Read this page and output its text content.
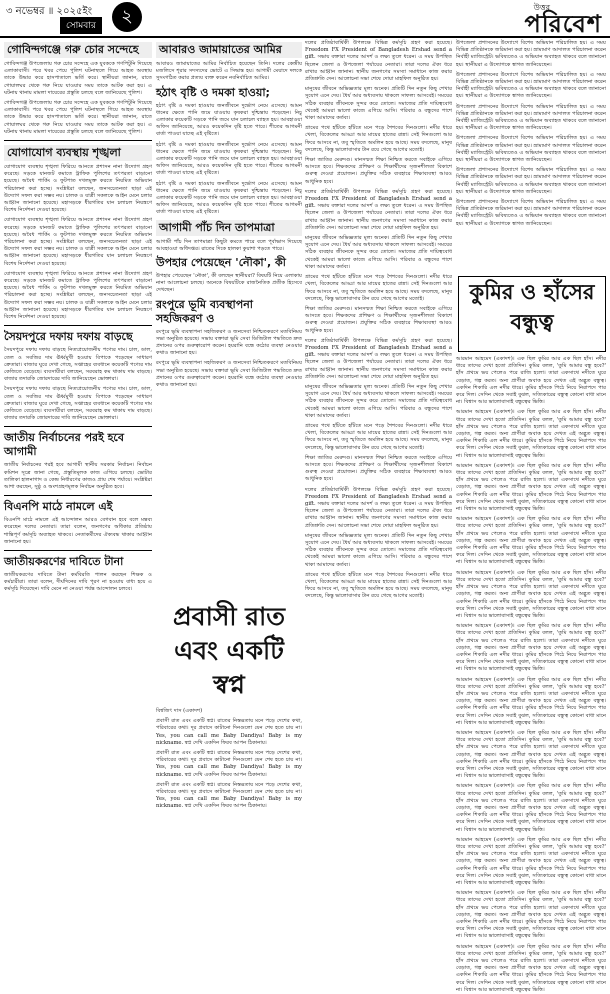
৩ নভেম্বর ॥ ২০২৫ইং
সোমবার	২	উত্তর
পরিবেশ
গোবিন্দগঞ্জে গরু চোর সন্দেহে

গোবিন্দগঞ্জ উপজেলায় গরু চোর সন্দেহে এক যুবককে গণপিটুনি দিয়েছে এলাকাবাসী। পরে খবর পেয়ে পুলিশ ঘটনাস্থলে গিয়ে আহত অবস্থায় তাকে উদ্ধার করে হাসপাতালে ভর্তি করে। স্থানীয়রা জানান, রাতে গোয়ালঘর থেকে গরু নিয়ে যাওয়ার সময় তাকে আটক করা হয়। এ ঘটনায় থানায় মামলা দায়েরের প্রস্তুতি চলছে বলে জানিয়েছে পুলিশ।

গোবিন্দগঞ্জ উপজেলায় গরু চোর সন্দেহে এক যুবককে গণপিটুনি দিয়েছে এলাকাবাসী। পরে খবর পেয়ে পুলিশ ঘটনাস্থলে গিয়ে আহত অবস্থায় তাকে উদ্ধার করে হাসপাতালে ভর্তি করে। স্থানীয়রা জানান, রাতে গোয়ালঘর থেকে গরু নিয়ে যাওয়ার সময় তাকে আটক করা হয়। এ ঘটনায় থানায় মামলা দায়েরের প্রস্তুতি চলছে বলে জানিয়েছে পুলিশ।

যোগাযোগ ব্যবস্থায় শৃঙ্খলা

যোগাযোগ ব্যবস্থায় শৃঙ্খলা ফিরিয়ে আনতে প্রশাসন নানা উদ্যোগ গ্রহণ করেছে। সড়কে যানজট কমাতে ট্রাফিক পুলিশের তৎপরতা বাড়ানো হয়েছে। অবৈধ পার্কিং ও ফুটপাত দখলমুক্ত করতে নিয়মিত অভিযান পরিচালনা করা হচ্ছে। সংশ্লিষ্টরা বলছেন, জনসচেতনতা ছাড়া এই উদ্যোগ সফল করা সম্ভব নয়। চালক ও যাত্রী সকলকে আইন মেনে চলার আহ্বান জানানো হয়েছে। মহাসড়কে ধীরগতির যান চলাচল নিয়ন্ত্রণে বিশেষ নির্দেশনা দেওয়া হয়েছে।

যোগাযোগ ব্যবস্থায় শৃঙ্খলা ফিরিয়ে আনতে প্রশাসন নানা উদ্যোগ গ্রহণ করেছে। সড়কে যানজট কমাতে ট্রাফিক পুলিশের তৎপরতা বাড়ানো হয়েছে। অবৈধ পার্কিং ও ফুটপাত দখলমুক্ত করতে নিয়মিত অভিযান পরিচালনা করা হচ্ছে। সংশ্লিষ্টরা বলছেন, জনসচেতনতা ছাড়া এই উদ্যোগ সফল করা সম্ভব নয়। চালক ও যাত্রী সকলকে আইন মেনে চলার আহ্বান জানানো হয়েছে। মহাসড়কে ধীরগতির যান চলাচল নিয়ন্ত্রণে বিশেষ নির্দেশনা দেওয়া হয়েছে।

যোগাযোগ ব্যবস্থায় শৃঙ্খলা ফিরিয়ে আনতে প্রশাসন নানা উদ্যোগ গ্রহণ করেছে। সড়কে যানজট কমাতে ট্রাফিক পুলিশের তৎপরতা বাড়ানো হয়েছে। অবৈধ পার্কিং ও ফুটপাত দখলমুক্ত করতে নিয়মিত অভিযান পরিচালনা করা হচ্ছে। সংশ্লিষ্টরা বলছেন, জনসচেতনতা ছাড়া এই উদ্যোগ সফল করা সম্ভব নয়। চালক ও যাত্রী সকলকে আইন মেনে চলার আহ্বান জানানো হয়েছে। মহাসড়কে ধীরগতির যান চলাচল নিয়ন্ত্রণে বিশেষ নির্দেশনা দেওয়া হয়েছে।

সৈয়দপুরে দফায় দফায় বাড়ছে

সৈয়দপুরে দফায় দফায় বাড়ছে নিত্যপ্রয়োজনীয় পণ্যের দাম। চাল, ডাল, তেল ও সবজির দাম ঊর্ধ্বমুখী হওয়ায় বিপাকে পড়েছেন সাধারণ ক্রেতারা। বাজার ঘুরে দেখা গেছে, সপ্তাহের ব্যবধানে কয়েকটি পণ্যের দাম কেজিতে বেড়েছে। ব্যবসায়ীরা বলছেন, সরবরাহ কম থাকায় দাম বাড়ছে। বাজার তদারকি জোরদারের দাবি জানিয়েছেন ভোক্তারা।

সৈয়দপুরে দফায় দফায় বাড়ছে নিত্যপ্রয়োজনীয় পণ্যের দাম। চাল, ডাল, তেল ও সবজির দাম ঊর্ধ্বমুখী হওয়ায় বিপাকে পড়েছেন সাধারণ ক্রেতারা। বাজার ঘুরে দেখা গেছে, সপ্তাহের ব্যবধানে কয়েকটি পণ্যের দাম কেজিতে বেড়েছে। ব্যবসায়ীরা বলছেন, সরবরাহ কম থাকায় দাম বাড়ছে। বাজার তদারকি জোরদারের দাবি জানিয়েছেন ভোক্তারা।

জাতীয় নির্বাচনের পরই হবে আগামী

জাতীয় নির্বাচনের পরই হবে আগামী স্থানীয় সরকার নির্বাচন। নির্বাচন কমিশন সূত্রে জানা গেছে, প্রস্তুতিমূলক কাজ এগিয়ে চলছে। ভোটার তালিকা হালনাগাদ ও কেন্দ্র নির্ধারণের কাজও প্রায় শেষ পর্যায়ে। সংশ্লিষ্টরা আশা করছেন, সুষ্ঠু ও অংশগ্রহণমূলক নির্বাচন অনুষ্ঠিত হবে।

বিএনপি মাঠে নামলে এই

বিএনপি মাঠে নামলে এই আন্দোলন আরও বেগবান হবে বলে মন্তব্য করেছেন দলের নেতারা। তারা বলেন, জনগণের অধিকার প্রতিষ্ঠায় শান্তিপূর্ণ কর্মসূচি অব্যাহত থাকবে। নেতাকর্মীদের ঐক্যবদ্ধ থাকার আহ্বান জানানো হয়।

জাতীয়করণের দাবিতে টানা

জাতীয়করণের দাবিতে টানা কর্মবিরতি পালন করছেন শিক্ষক ও কর্মচারীরা। তারা বলেন, দীর্ঘদিনের দাবি পূরণ না হওয়ায় বাধ্য হয়ে এ কর্মসূচি দিয়েছেন। দাবি মেনে না নেওয়া পর্যন্ত আন্দোলন চলবে।

আবারও জামায়াতের আমির

আবারও জামায়াতের আমির নির্বাচিত হয়েছেন তিনি। দলের কেন্দ্রীয় মজলিসে শূরার সদস্যদের ভোটে এ সিদ্ধান্ত হয়। আগামী মেয়াদে দলকে সুসংগঠিত করার প্রত্যয় ব্যক্ত করেন নবনির্বাচিত আমির।

হঠাৎ বৃষ্টি ও দমকা হাওয়া;

হঠাৎ বৃষ্টি ও দমকা হাওয়ায় জনজীবনে দুর্ভোগ নেমে এসেছে। আমন ধানের ক্ষেতে পানি জমে যাওয়ায় কৃষকরা দুশ্চিন্তায় পড়েছেন। নিচু এলাকার কয়েকটি সড়কে পানি জমে যান চলাচল ব্যাহত হয়। আবহাওয়া অফিস জানিয়েছে, আরও কয়েকদিন বৃষ্টি হতে পারে। শীতের আগমনী বার্তা পাওয়া যাচ্ছে এই বৃষ্টিতে।

হঠাৎ বৃষ্টি ও দমকা হাওয়ায় জনজীবনে দুর্ভোগ নেমে এসেছে। আমন ধানের ক্ষেতে পানি জমে যাওয়ায় কৃষকরা দুশ্চিন্তায় পড়েছেন। নিচু এলাকার কয়েকটি সড়কে পানি জমে যান চলাচল ব্যাহত হয়। আবহাওয়া অফিস জানিয়েছে, আরও কয়েকদিন বৃষ্টি হতে পারে। শীতের আগমনী বার্তা পাওয়া যাচ্ছে এই বৃষ্টিতে।

হঠাৎ বৃষ্টি ও দমকা হাওয়ায় জনজীবনে দুর্ভোগ নেমে এসেছে। আমন ধানের ক্ষেতে পানি জমে যাওয়ায় কৃষকরা দুশ্চিন্তায় পড়েছেন। নিচু এলাকার কয়েকটি সড়কে পানি জমে যান চলাচল ব্যাহত হয়। আবহাওয়া অফিস জানিয়েছে, আরও কয়েকদিন বৃষ্টি হতে পারে। শীতের আগমনী বার্তা পাওয়া যাচ্ছে এই বৃষ্টিতে।

আগামী পাঁচ দিন তাপমাত্রা

আগামী পাঁচ দিন তাপমাত্রা কিছুটা কমতে পারে বলে পূর্বাভাস দিয়েছে আবহাওয়া অধিদপ্তর। রাতের দিকে হালকা কুয়াশা পড়তে পারে।

উপহার পেয়েছেন 'নৌকা', কী

উপহার পেয়েছেন 'নৌকা', কী বলছেন স্থানীয়রা? বিষয়টি নিয়ে এলাকায় নানা আলোচনা চলছে। অনেকে বিষয়টিকে রাজনৈতিক প্রতীক হিসেবে দেখছেন।

রংপুরে ভূমি ব্যবস্থাপনা সহজিকরণ ও

রংপুরে ভূমি ব্যবস্থাপনা সহজিকরণ ও জনসেবা নিশ্চিতকরণে মতবিনিময় সভা অনুষ্ঠিত হয়েছে। সভায় বক্তারা ভূমি সেবা ডিজিটাল পদ্ধতিতে দ্রুত প্রদানের ওপর গুরুত্বারোপ করেন। হয়রানি বন্ধে কঠোর ব্যবস্থা নেওয়ার কথাও জানানো হয়।

রংপুরে ভূমি ব্যবস্থাপনা সহজিকরণ ও জনসেবা নিশ্চিতকরণে মতবিনিময় সভা অনুষ্ঠিত হয়েছে। সভায় বক্তারা ভূমি সেবা ডিজিটাল পদ্ধতিতে দ্রুত প্রদানের ওপর গুরুত্বারোপ করেন। হয়রানি বন্ধে কঠোর ব্যবস্থা নেওয়ার কথাও জানানো হয়।

প্রবাসী রাত এবং একটি স্বপ্ন

বিশ্বজিৎ দাস (একাদশ)

প্রবাসী রাত এবং একটি স্বপ্ন। রাতের নিস্তব্ধতায় মনে পড়ে দেশের কথা, পরিবারের কথা। দূর প্রবাসে কাটানো দিনগুলো যেন শেষ হতে চায় না। Yes, you can call me Baby Dandiya! Baby is my nickname. স্বপ্ন দেখি একদিন ফিরব আপন ঠিকানায়।

প্রবাসী রাত এবং একটি স্বপ্ন। রাতের নিস্তব্ধতায় মনে পড়ে দেশের কথা, পরিবারের কথা। দূর প্রবাসে কাটানো দিনগুলো যেন শেষ হতে চায় না। Yes, you can call me Baby Dandiya! Baby is my nickname. স্বপ্ন দেখি একদিন ফিরব আপন ঠিকানায়।

প্রবাসী রাত এবং একটি স্বপ্ন। রাতের নিস্তব্ধতায় মনে পড়ে দেশের কথা, পরিবারের কথা। দূর প্রবাসে কাটানো দিনগুলো যেন শেষ হতে চায় না। Yes, you can call me Baby Dandiya! Baby is my nickname. স্বপ্ন দেখি একদিন ফিরব আপন ঠিকানায়।

দলের প্রতিষ্ঠাবার্ষিকী উপলক্ষে বিভিন্ন কর্মসূচি গ্রহণ করা হয়েছে। Freedom FX President of Bangladesh Ershad send a gift. সভায় বক্তারা দলের আদর্শ ও লক্ষ্য তুলে ধরেন। এ সময় উপস্থিত ছিলেন জেলা ও উপজেলা পর্যায়ের নেতারা। তারা দলের ঐক্য ধরে রাখার আহ্বান জানান। স্থানীয় জনগণের সমস্যা সমাধানে কাজ করার প্রতিশ্রুতি দেন। আলোচনা সভা শেষে দোয়া মাহফিল অনুষ্ঠিত হয়।

মানুষের জীবনে অভিজ্ঞতার মূল্য অনেক। প্রতিটি দিন নতুন কিছু শেখার সুযোগ এনে দেয়। ধৈর্য আর অধ্যবসায় থাকলে সাফল্য আসবেই। সময়ের সঠিক ব্যবহার জীবনকে সুন্দর করে তোলে। সমাজের প্রতি দায়িত্ববোধ থেকেই আমরা ভালো কাজে এগিয়ে আসি। পরিবার ও বন্ধুদের পাশে থাকা আমাদের কর্তব্য।

গ্রামের পথে হাঁটতে হাঁটতে মনে পড়ে শৈশবের দিনগুলো। নদীর ধারে খেলা, বিকেলের আড্ডা আর মায়ের হাতের রান্না। সেই দিনগুলো আর ফিরে আসবে না, তবু স্মৃতিতে অমলিন হয়ে আছে। সময় বদলেছে, মানুষ বদলেছে, কিন্তু ভালোবাসার টান রয়ে গেছে আগের মতোই।

শিক্ষা জাতির মেরুদণ্ড। মানসম্মত শিক্ষা নিশ্চিত করতে সবাইকে এগিয়ে আসতে হবে। শিক্ষকদের প্রশিক্ষণ ও শিক্ষার্থীদের সৃজনশীলতা বিকাশে গুরুত্ব দেওয়া প্রয়োজন। প্রযুক্তির সঠিক ব্যবহারে শিক্ষাব্যবস্থা আরও আধুনিক হবে।

দলের প্রতিষ্ঠাবার্ষিকী উপলক্ষে বিভিন্ন কর্মসূচি গ্রহণ করা হয়েছে। Freedom FX President of Bangladesh Ershad send a gift. সভায় বক্তারা দলের আদর্শ ও লক্ষ্য তুলে ধরেন। এ সময় উপস্থিত ছিলেন জেলা ও উপজেলা পর্যায়ের নেতারা। তারা দলের ঐক্য ধরে রাখার আহ্বান জানান। স্থানীয় জনগণের সমস্যা সমাধানে কাজ করার প্রতিশ্রুতি দেন। আলোচনা সভা শেষে দোয়া মাহফিল অনুষ্ঠিত হয়।

মানুষের জীবনে অভিজ্ঞতার মূল্য অনেক। প্রতিটি দিন নতুন কিছু শেখার সুযোগ এনে দেয়। ধৈর্য আর অধ্যবসায় থাকলে সাফল্য আসবেই। সময়ের সঠিক ব্যবহার জীবনকে সুন্দর করে তোলে। সমাজের প্রতি দায়িত্ববোধ থেকেই আমরা ভালো কাজে এগিয়ে আসি। পরিবার ও বন্ধুদের পাশে থাকা আমাদের কর্তব্য।

গ্রামের পথে হাঁটতে হাঁটতে মনে পড়ে শৈশবের দিনগুলো। নদীর ধারে খেলা, বিকেলের আড্ডা আর মায়ের হাতের রান্না। সেই দিনগুলো আর ফিরে আসবে না, তবু স্মৃতিতে অমলিন হয়ে আছে। সময় বদলেছে, মানুষ বদলেছে, কিন্তু ভালোবাসার টান রয়ে গেছে আগের মতোই।

শিক্ষা জাতির মেরুদণ্ড। মানসম্মত শিক্ষা নিশ্চিত করতে সবাইকে এগিয়ে আসতে হবে। শিক্ষকদের প্রশিক্ষণ ও শিক্ষার্থীদের সৃজনশীলতা বিকাশে গুরুত্ব দেওয়া প্রয়োজন। প্রযুক্তির সঠিক ব্যবহারে শিক্ষাব্যবস্থা আরও আধুনিক হবে।

দলের প্রতিষ্ঠাবার্ষিকী উপলক্ষে বিভিন্ন কর্মসূচি গ্রহণ করা হয়েছে। Freedom FX President of Bangladesh Ershad send a gift. সভায় বক্তারা দলের আদর্শ ও লক্ষ্য তুলে ধরেন। এ সময় উপস্থিত ছিলেন জেলা ও উপজেলা পর্যায়ের নেতারা। তারা দলের ঐক্য ধরে রাখার আহ্বান জানান। স্থানীয় জনগণের সমস্যা সমাধানে কাজ করার প্রতিশ্রুতি দেন। আলোচনা সভা শেষে দোয়া মাহফিল অনুষ্ঠিত হয়।

মানুষের জীবনে অভিজ্ঞতার মূল্য অনেক। প্রতিটি দিন নতুন কিছু শেখার সুযোগ এনে দেয়। ধৈর্য আর অধ্যবসায় থাকলে সাফল্য আসবেই। সময়ের সঠিক ব্যবহার জীবনকে সুন্দর করে তোলে। সমাজের প্রতি দায়িত্ববোধ থেকেই আমরা ভালো কাজে এগিয়ে আসি। পরিবার ও বন্ধুদের পাশে থাকা আমাদের কর্তব্য।

গ্রামের পথে হাঁটতে হাঁটতে মনে পড়ে শৈশবের দিনগুলো। নদীর ধারে খেলা, বিকেলের আড্ডা আর মায়ের হাতের রান্না। সেই দিনগুলো আর ফিরে আসবে না, তবু স্মৃতিতে অমলিন হয়ে আছে। সময় বদলেছে, মানুষ বদলেছে, কিন্তু ভালোবাসার টান রয়ে গেছে আগের মতোই।

শিক্ষা জাতির মেরুদণ্ড। মানসম্মত শিক্ষা নিশ্চিত করতে সবাইকে এগিয়ে আসতে হবে। শিক্ষকদের প্রশিক্ষণ ও শিক্ষার্থীদের সৃজনশীলতা বিকাশে গুরুত্ব দেওয়া প্রয়োজন। প্রযুক্তির সঠিক ব্যবহারে শিক্ষাব্যবস্থা আরও আধুনিক হবে।

দলের প্রতিষ্ঠাবার্ষিকী উপলক্ষে বিভিন্ন কর্মসূচি গ্রহণ করা হয়েছে। Freedom FX President of Bangladesh Ershad send a gift. সভায় বক্তারা দলের আদর্শ ও লক্ষ্য তুলে ধরেন। এ সময় উপস্থিত ছিলেন জেলা ও উপজেলা পর্যায়ের নেতারা। তারা দলের ঐক্য ধরে রাখার আহ্বান জানান। স্থানীয় জনগণের সমস্যা সমাধানে কাজ করার প্রতিশ্রুতি দেন। আলোচনা সভা শেষে দোয়া মাহফিল অনুষ্ঠিত হয়।

মানুষের জীবনে অভিজ্ঞতার মূল্য অনেক। প্রতিটি দিন নতুন কিছু শেখার সুযোগ এনে দেয়। ধৈর্য আর অধ্যবসায় থাকলে সাফল্য আসবেই। সময়ের সঠিক ব্যবহার জীবনকে সুন্দর করে তোলে। সমাজের প্রতি দায়িত্ববোধ থেকেই আমরা ভালো কাজে এগিয়ে আসি। পরিবার ও বন্ধুদের পাশে থাকা আমাদের কর্তব্য।

গ্রামের পথে হাঁটতে হাঁটতে মনে পড়ে শৈশবের দিনগুলো। নদীর ধারে খেলা, বিকেলের আড্ডা আর মায়ের হাতের রান্না। সেই দিনগুলো আর ফিরে আসবে না, তবু স্মৃতিতে অমলিন হয়ে আছে। সময় বদলেছে, মানুষ বদলেছে, কিন্তু ভালোবাসার টান রয়ে গেছে আগের মতোই।

উপজেলা প্রশাসনের উদ্যোগে বিশেষ অভিযান পরিচালিত হয়। এ সময় বিভিন্ন প্রতিষ্ঠানকে জরিমানা করা হয়। ভ্রাম্যমাণ আদালত পরিচালনা করেন নির্বাহী ম্যাজিস্ট্রেট। ভবিষ্যতেও এ অভিযান অব্যাহত থাকবে বলে জানানো হয়। স্থানীয়রা এ উদ্যোগকে স্বাগত জানিয়েছেন।

উপজেলা প্রশাসনের উদ্যোগে বিশেষ অভিযান পরিচালিত হয়। এ সময় বিভিন্ন প্রতিষ্ঠানকে জরিমানা করা হয়। ভ্রাম্যমাণ আদালত পরিচালনা করেন নির্বাহী ম্যাজিস্ট্রেট। ভবিষ্যতেও এ অভিযান অব্যাহত থাকবে বলে জানানো হয়। স্থানীয়রা এ উদ্যোগকে স্বাগত জানিয়েছেন।

উপজেলা প্রশাসনের উদ্যোগে বিশেষ অভিযান পরিচালিত হয়। এ সময় বিভিন্ন প্রতিষ্ঠানকে জরিমানা করা হয়। ভ্রাম্যমাণ আদালত পরিচালনা করেন নির্বাহী ম্যাজিস্ট্রেট। ভবিষ্যতেও এ অভিযান অব্যাহত থাকবে বলে জানানো হয়। স্থানীয়রা এ উদ্যোগকে স্বাগত জানিয়েছেন।

উপজেলা প্রশাসনের উদ্যোগে বিশেষ অভিযান পরিচালিত হয়। এ সময় বিভিন্ন প্রতিষ্ঠানকে জরিমানা করা হয়। ভ্রাম্যমাণ আদালত পরিচালনা করেন নির্বাহী ম্যাজিস্ট্রেট। ভবিষ্যতেও এ অভিযান অব্যাহত থাকবে বলে জানানো হয়। স্থানীয়রা এ উদ্যোগকে স্বাগত জানিয়েছেন।

উপজেলা প্রশাসনের উদ্যোগে বিশেষ অভিযান পরিচালিত হয়। এ সময় বিভিন্ন প্রতিষ্ঠানকে জরিমানা করা হয়। ভ্রাম্যমাণ আদালত পরিচালনা করেন নির্বাহী ম্যাজিস্ট্রেট। ভবিষ্যতেও এ অভিযান অব্যাহত থাকবে বলে জানানো হয়। স্থানীয়রা এ উদ্যোগকে স্বাগত জানিয়েছেন।

উপজেলা প্রশাসনের উদ্যোগে বিশেষ অভিযান পরিচালিত হয়। এ সময় বিভিন্ন প্রতিষ্ঠানকে জরিমানা করা হয়। ভ্রাম্যমাণ আদালত পরিচালনা করেন নির্বাহী ম্যাজিস্ট্রেট। ভবিষ্যতেও এ অভিযান অব্যাহত থাকবে বলে জানানো হয়। স্থানীয়রা এ উদ্যোগকে স্বাগত জানিয়েছেন।

কুমির ও হাঁসের বন্ধুত্ব

আরমান আহমেদ (একাদশ)। এক ছিল কুমির আর এক ছিল হাঁস। নদীর ধারে তাদের দেখা হতো প্রতিদিন। কুমির বলল, 'তুমি আমার বন্ধু হবে?' হাঁস প্রথমে ভয় পেলেও পরে রাজি হলো। তারা একসাথে নদীতে ঘুরে বেড়াত, গল্প করত। অন্য প্রাণীরা অবাক হয়ে দেখত এই অদ্ভুত বন্ধুত্ব। একদিন শিকারি এল নদীর ধারে। কুমির হাঁসকে পিঠে নিয়ে নিরাপদে পার করে দিল। সেদিন থেকে সবাই বুঝল, সত্যিকারের বন্ধুত্ব কোনো বাধা মানে না। বিশ্বাস আর ভালোবাসাই বন্ধুত্বের ভিত্তি।

আরমান আহমেদ (একাদশ)। এক ছিল কুমির আর এক ছিল হাঁস। নদীর ধারে তাদের দেখা হতো প্রতিদিন। কুমির বলল, 'তুমি আমার বন্ধু হবে?' হাঁস প্রথমে ভয় পেলেও পরে রাজি হলো। তারা একসাথে নদীতে ঘুরে বেড়াত, গল্প করত। অন্য প্রাণীরা অবাক হয়ে দেখত এই অদ্ভুত বন্ধুত্ব। একদিন শিকারি এল নদীর ধারে। কুমির হাঁসকে পিঠে নিয়ে নিরাপদে পার করে দিল। সেদিন থেকে সবাই বুঝল, সত্যিকারের বন্ধুত্ব কোনো বাধা মানে না। বিশ্বাস আর ভালোবাসাই বন্ধুত্বের ভিত্তি।

আরমান আহমেদ (একাদশ)। এক ছিল কুমির আর এক ছিল হাঁস। নদীর ধারে তাদের দেখা হতো প্রতিদিন। কুমির বলল, 'তুমি আমার বন্ধু হবে?' হাঁস প্রথমে ভয় পেলেও পরে রাজি হলো। তারা একসাথে নদীতে ঘুরে বেড়াত, গল্প করত। অন্য প্রাণীরা অবাক হয়ে দেখত এই অদ্ভুত বন্ধুত্ব। একদিন শিকারি এল নদীর ধারে। কুমির হাঁসকে পিঠে নিয়ে নিরাপদে পার করে দিল। সেদিন থেকে সবাই বুঝল, সত্যিকারের বন্ধুত্ব কোনো বাধা মানে না। বিশ্বাস আর ভালোবাসাই বন্ধুত্বের ভিত্তি।

আরমান আহমেদ (একাদশ)। এক ছিল কুমির আর এক ছিল হাঁস। নদীর ধারে তাদের দেখা হতো প্রতিদিন। কুমির বলল, 'তুমি আমার বন্ধু হবে?' হাঁস প্রথমে ভয় পেলেও পরে রাজি হলো। তারা একসাথে নদীতে ঘুরে বেড়াত, গল্প করত। অন্য প্রাণীরা অবাক হয়ে দেখত এই অদ্ভুত বন্ধুত্ব। একদিন শিকারি এল নদীর ধারে। কুমির হাঁসকে পিঠে নিয়ে নিরাপদে পার করে দিল। সেদিন থেকে সবাই বুঝল, সত্যিকারের বন্ধুত্ব কোনো বাধা মানে না। বিশ্বাস আর ভালোবাসাই বন্ধুত্বের ভিত্তি।

আরমান আহমেদ (একাদশ)। এক ছিল কুমির আর এক ছিল হাঁস। নদীর ধারে তাদের দেখা হতো প্রতিদিন। কুমির বলল, 'তুমি আমার বন্ধু হবে?' হাঁস প্রথমে ভয় পেলেও পরে রাজি হলো। তারা একসাথে নদীতে ঘুরে বেড়াত, গল্প করত। অন্য প্রাণীরা অবাক হয়ে দেখত এই অদ্ভুত বন্ধুত্ব। একদিন শিকারি এল নদীর ধারে। কুমির হাঁসকে পিঠে নিয়ে নিরাপদে পার করে দিল। সেদিন থেকে সবাই বুঝল, সত্যিকারের বন্ধুত্ব কোনো বাধা মানে না। বিশ্বাস আর ভালোবাসাই বন্ধুত্বের ভিত্তি।

আরমান আহমেদ (একাদশ)। এক ছিল কুমির আর এক ছিল হাঁস। নদীর ধারে তাদের দেখা হতো প্রতিদিন। কুমির বলল, 'তুমি আমার বন্ধু হবে?' হাঁস প্রথমে ভয় পেলেও পরে রাজি হলো। তারা একসাথে নদীতে ঘুরে বেড়াত, গল্প করত। অন্য প্রাণীরা অবাক হয়ে দেখত এই অদ্ভুত বন্ধুত্ব। একদিন শিকারি এল নদীর ধারে। কুমির হাঁসকে পিঠে নিয়ে নিরাপদে পার করে দিল। সেদিন থেকে সবাই বুঝল, সত্যিকারের বন্ধুত্ব কোনো বাধা মানে না। বিশ্বাস আর ভালোবাসাই বন্ধুত্বের ভিত্তি।

আরমান আহমেদ (একাদশ)। এক ছিল কুমির আর এক ছিল হাঁস। নদীর ধারে তাদের দেখা হতো প্রতিদিন। কুমির বলল, 'তুমি আমার বন্ধু হবে?' হাঁস প্রথমে ভয় পেলেও পরে রাজি হলো। তারা একসাথে নদীতে ঘুরে বেড়াত, গল্প করত। অন্য প্রাণীরা অবাক হয়ে দেখত এই অদ্ভুত বন্ধুত্ব। একদিন শিকারি এল নদীর ধারে। কুমির হাঁসকে পিঠে নিয়ে নিরাপদে পার করে দিল। সেদিন থেকে সবাই বুঝল, সত্যিকারের বন্ধুত্ব কোনো বাধা মানে না। বিশ্বাস আর ভালোবাসাই বন্ধুত্বের ভিত্তি।

আরমান আহমেদ (একাদশ)। এক ছিল কুমির আর এক ছিল হাঁস। নদীর ধারে তাদের দেখা হতো প্রতিদিন। কুমির বলল, 'তুমি আমার বন্ধু হবে?' হাঁস প্রথমে ভয় পেলেও পরে রাজি হলো। তারা একসাথে নদীতে ঘুরে বেড়াত, গল্প করত। অন্য প্রাণীরা অবাক হয়ে দেখত এই অদ্ভুত বন্ধুত্ব। একদিন শিকারি এল নদীর ধারে। কুমির হাঁসকে পিঠে নিয়ে নিরাপদে পার করে দিল। সেদিন থেকে সবাই বুঝল, সত্যিকারের বন্ধুত্ব কোনো বাধা মানে না। বিশ্বাস আর ভালোবাসাই বন্ধুত্বের ভিত্তি।

আরমান আহমেদ (একাদশ)। এক ছিল কুমির আর এক ছিল হাঁস। নদীর ধারে তাদের দেখা হতো প্রতিদিন। কুমির বলল, 'তুমি আমার বন্ধু হবে?' হাঁস প্রথমে ভয় পেলেও পরে রাজি হলো। তারা একসাথে নদীতে ঘুরে বেড়াত, গল্প করত। অন্য প্রাণীরা অবাক হয়ে দেখত এই অদ্ভুত বন্ধুত্ব। একদিন শিকারি এল নদীর ধারে। কুমির হাঁসকে পিঠে নিয়ে নিরাপদে পার করে দিল। সেদিন থেকে সবাই বুঝল, সত্যিকারের বন্ধুত্ব কোনো বাধা মানে না। বিশ্বাস আর ভালোবাসাই বন্ধুত্বের ভিত্তি।

আরমান আহমেদ (একাদশ)। এক ছিল কুমির আর এক ছিল হাঁস। নদীর ধারে তাদের দেখা হতো প্রতিদিন। কুমির বলল, 'তুমি আমার বন্ধু হবে?' হাঁস প্রথমে ভয় পেলেও পরে রাজি হলো। তারা একসাথে নদীতে ঘুরে বেড়াত, গল্প করত। অন্য প্রাণীরা অবাক হয়ে দেখত এই অদ্ভুত বন্ধুত্ব। একদিন শিকারি এল নদীর ধারে। কুমির হাঁসকে পিঠে নিয়ে নিরাপদে পার করে দিল। সেদিন থেকে সবাই বুঝল, সত্যিকারের বন্ধুত্ব কোনো বাধা মানে না। বিশ্বাস আর ভালোবাসাই বন্ধুত্বের ভিত্তি।

আরমান আহমেদ (একাদশ)। এক ছিল কুমির আর এক ছিল হাঁস। নদীর ধারে তাদের দেখা হতো প্রতিদিন। কুমির বলল, 'তুমি আমার বন্ধু হবে?' হাঁস প্রথমে ভয় পেলেও পরে রাজি হলো। তারা একসাথে নদীতে ঘুরে বেড়াত, গল্প করত। অন্য প্রাণীরা অবাক হয়ে দেখত এই অদ্ভুত বন্ধুত্ব। একদিন শিকারি এল নদীর ধারে। কুমির হাঁসকে পিঠে নিয়ে নিরাপদে পার করে দিল। সেদিন থেকে সবাই বুঝল, সত্যিকারের বন্ধুত্ব কোনো বাধা মানে না। বিশ্বাস আর ভালোবাসাই বন্ধুত্বের ভিত্তি।

আরমান আহমেদ (একাদশ)। এক ছিল কুমির আর এক ছিল হাঁস। নদীর ধারে তাদের দেখা হতো প্রতিদিন। কুমির বলল, 'তুমি আমার বন্ধু হবে?' হাঁস প্রথমে ভয় পেলেও পরে রাজি হলো। তারা একসাথে নদীতে ঘুরে বেড়াত, গল্প করত। অন্য প্রাণীরা অবাক হয়ে দেখত এই অদ্ভুত বন্ধুত্ব। একদিন শিকারি এল নদীর ধারে। কুমির হাঁসকে পিঠে নিয়ে নিরাপদে পার করে দিল। সেদিন থেকে সবাই বুঝল, সত্যিকারের বন্ধুত্ব কোনো বাধা মানে না। বিশ্বাস আর ভালোবাসাই বন্ধুত্বের ভিত্তি।
